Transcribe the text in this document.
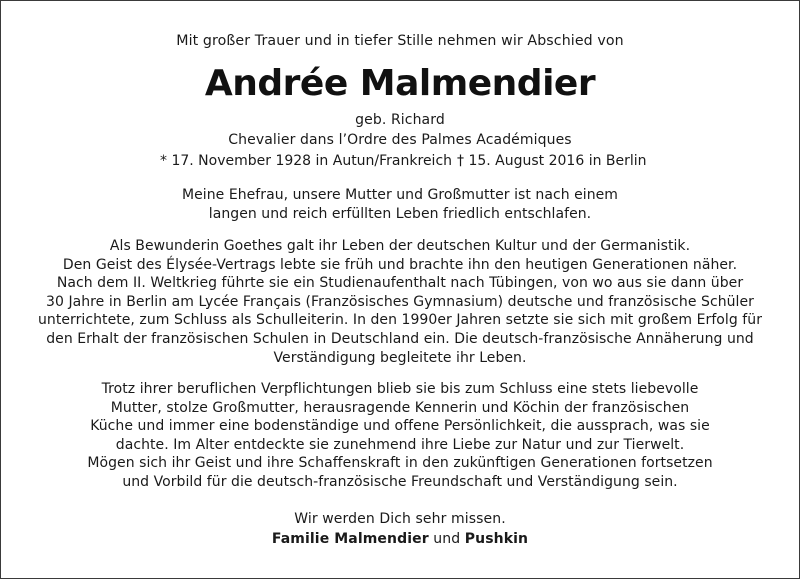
Mit großer Trauer und in tiefer Stille nehmen wir Abschied von
Andrée Malmendier
geb. Richard
Chevalier dans l’Ordre des Palmes Académiques
* 17. November 1928 in Autun/Frankreich † 15. August 2016 in Berlin
Meine Ehefrau, unsere Mutter und Großmutter ist nach einem
langen und reich erfüllten Leben friedlich entschlafen.
Als Bewunderin Goethes galt ihr Leben der deutschen Kultur und der Germanistik.
Den Geist des Élysée-Vertrags lebte sie früh und brachte ihn den heutigen Generationen näher.
Nach dem II. Weltkrieg führte sie ein Studienaufenthalt nach Tübingen, von wo aus sie dann über
30 Jahre in Berlin am Lycée Français (Französisches Gymnasium) deutsche und französische Schüler
unterrichtete, zum Schluss als Schulleiterin. In den 1990er Jahren setzte sie sich mit großem Erfolg für
den Erhalt der französischen Schulen in Deutschland ein. Die deutsch-französische Annäherung und
Verständigung begleitete ihr Leben.
Trotz ihrer beruflichen Verpflichtungen blieb sie bis zum Schluss eine stets liebevolle
Mutter, stolze Großmutter, herausragende Kennerin und Köchin der französischen
Küche und immer eine bodenständige und offene Persönlichkeit, die aussprach, was sie
dachte. Im Alter entdeckte sie zunehmend ihre Liebe zur Natur und zur Tierwelt.
Mögen sich ihr Geist und ihre Schaffenskraft in den zukünftigen Generationen fortsetzen
und Vorbild für die deutsch-französische Freundschaft und Verständigung sein.
Wir werden Dich sehr missen.
Familie Malmendier und Pushkin
